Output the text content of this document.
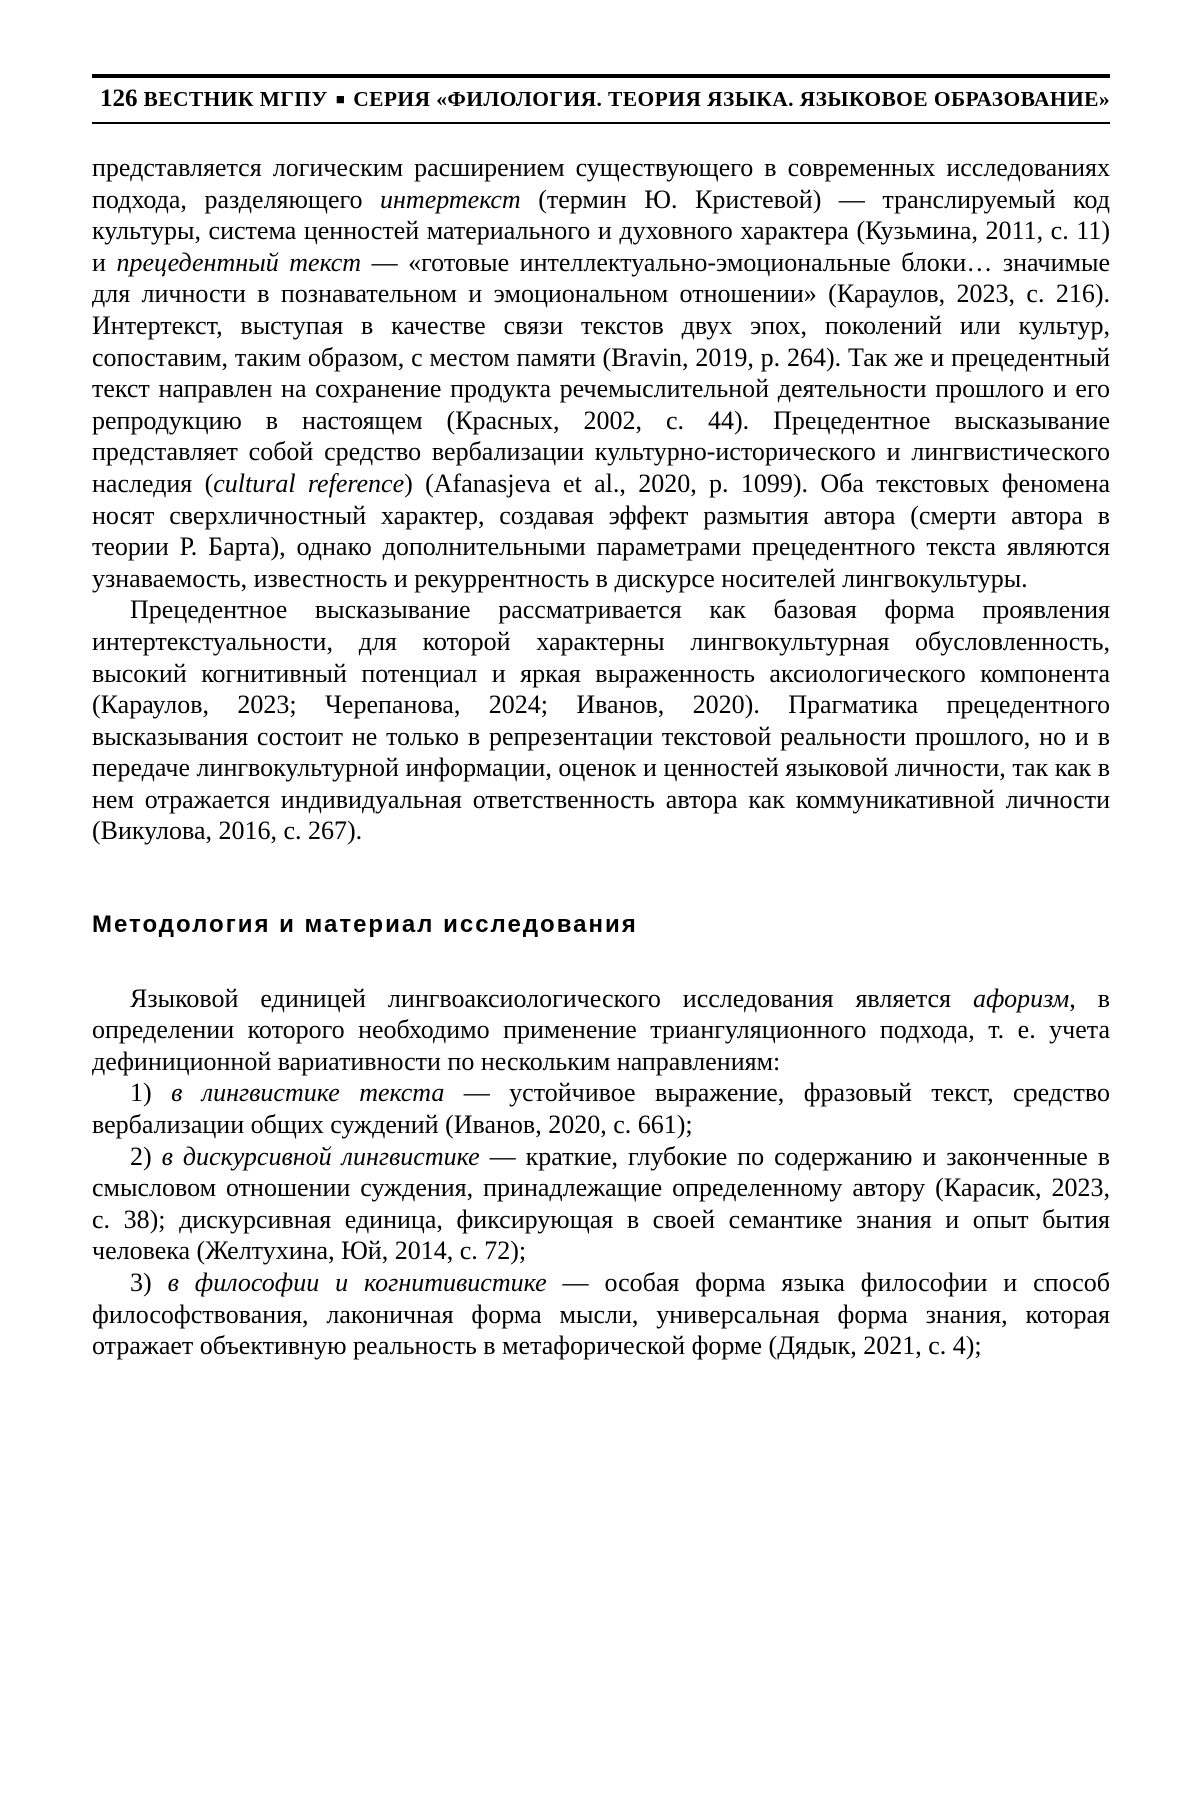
126 ВЕСТНИК МГПУ ■ СЕРИЯ «ФИЛОЛОГИЯ. ТЕОРИЯ ЯЗЫКА. ЯЗЫКОВОЕ ОБРАЗОВАНИЕ»

представляется логическим расширением существующего в современных исследованиях подхода, разделяющего интертекст (термин Ю. Кристевой) — транслируемый код культуры, система ценностей материального и духовного характера (Кузьмина, 2011, с. 11) и прецедентный текст — «готовые интеллектуально-эмоциональные блоки… значимые для личности в познавательном и эмоциональном отношении» (Караулов, 2023, с. 216). Интертекст, выступая в качестве связи текстов двух эпох, поколений или культур, сопоставим, таким образом, с местом памяти (Bravin, 2019, p. 264). Так же и прецедентный текст направлен на сохранение продукта речемыслительной деятельности прошлого и его репродукцию в настоящем (Красных, 2002, с. 44). Прецедентное высказывание представляет собой средство вербализации культурно-исторического и лингвистического наследия (cultural reference) (Afanasjeva et al., 2020, p. 1099). Оба текстовых феномена носят сверхличностный характер, создавая эффект размытия автора (смерти автора в теории Р. Барта), однако дополнительными параметрами прецедентного текста являются узнаваемость, известность и рекуррентность в дискурсе носителей лингвокультуры.

Прецедентное высказывание рассматривается как базовая форма проявления интертекстуальности, для которой характерны лингвокультурная обусловленность, высокий когнитивный потенциал и яркая выраженность аксиологического компонента (Караулов, 2023; Черепанова, 2024; Иванов, 2020). Прагматика прецедентного высказывания состоит не только в репрезентации текстовой реальности прошлого, но и в передаче лингвокультурной информации, оценок и ценностей языковой личности, так как в нем отражается индивидуальная ответственность автора как коммуникативной личности (Викулова, 2016, с. 267).

Методология и материал исследования

Языковой единицей лингвоаксиологического исследования является афоризм, в определении которого необходимо применение триангуляционного подхода, т. е. учета дефиниционной вариативности по нескольким направлениям:

1) в лингвистике текста — устойчивое выражение, фразовый текст, средство вербализации общих суждений (Иванов, 2020, с. 661);

2) в дискурсивной лингвистике — краткие, глубокие по содержанию и законченные в смысловом отношении суждения, принадлежащие определенному автору (Карасик, 2023, с. 38); дискурсивная единица, фиксирующая в своей семантике знания и опыт бытия человека (Желтухина, Юй, 2014, с. 72);

3) в философии и когнитивистике — особая форма языка философии и способ философствования, лаконичная форма мысли, универсальная форма знания, которая отражает объективную реальность в метафорической форме (Дядык, 2021, с. 4);
